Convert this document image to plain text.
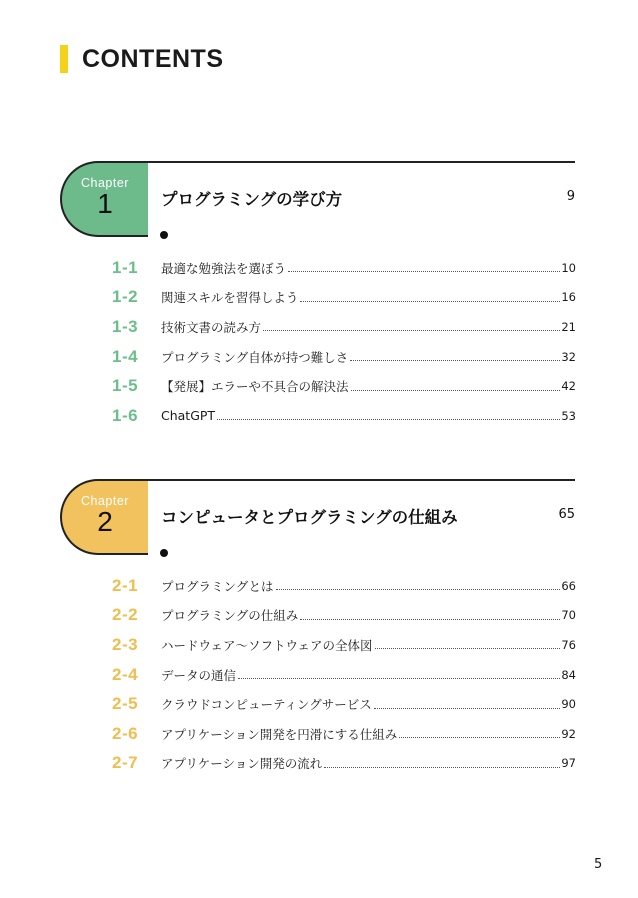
CONTENTS
Chapter
1	プログラミングの学び方	9
1-1	最適な勉強法を選ぼう	10
1-2	関連スキルを習得しよう	16
1-3	技術文書の読み方	21
1-4	プログラミング自体が持つ難しさ	32
1-5	【発展】エラーや不具合の解決法	42
1-6	ChatGPT	53
Chapter
2	コンピュータとプログラミングの仕組み	65
2-1	プログラミングとは	66
2-2	プログラミングの仕組み	70
2-3	ハードウェア〜ソフトウェアの全体図	76
2-4	データの通信	84
2-5	クラウドコンピューティングサービス	90
2-6	アプリケーション開発を円滑にする仕組み	92
2-7	アプリケーション開発の流れ	97
5
